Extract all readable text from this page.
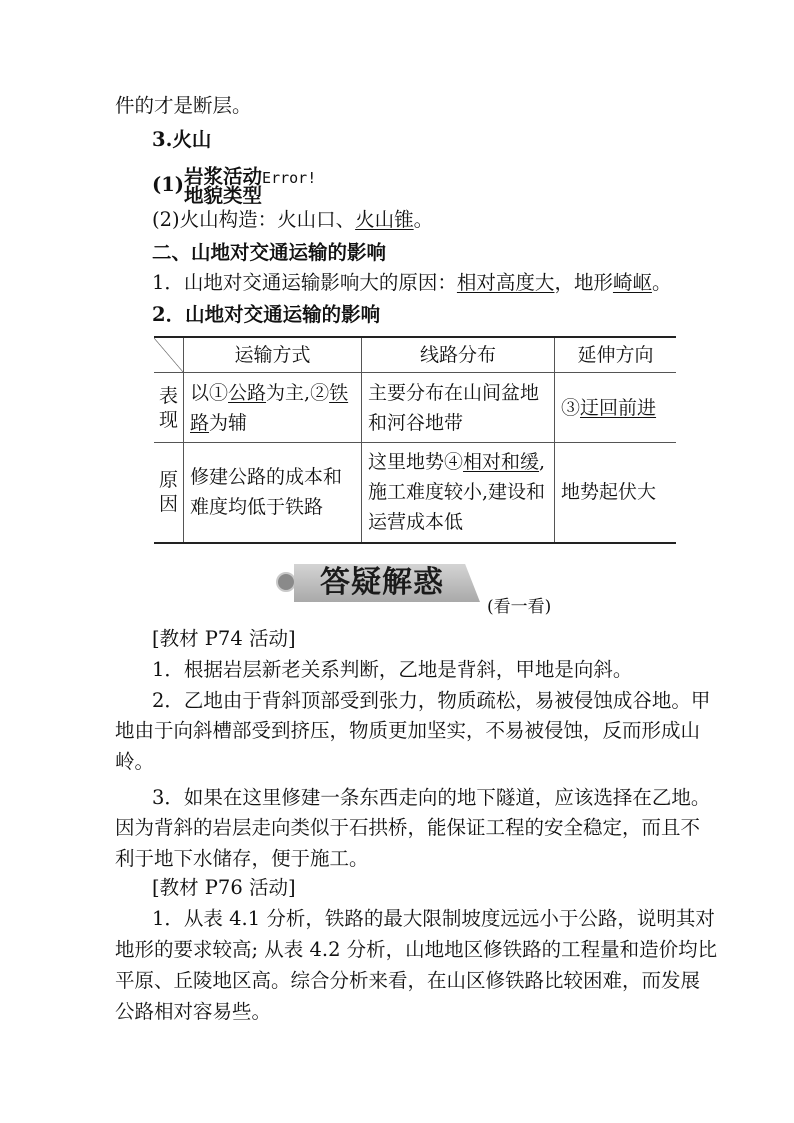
件的才是断层。
3.火山
(1)岩浆活动
地貌类型$^{Error!}$
(2)火山构造：火山口、火山锥。
二、山地对交通运输的影响
1．山地对交通运输影响大的原因：相对高度大，地形崎岖。
2．山地对交通运输的影响
	运输方式	线路分布	延伸方向
表现	以①公路为主,②铁路为辅	主要分布在山间盆地和河谷地带	③迂回前进
原因	修建公路的成本和难度均低于铁路	这里地势④相对和缓,施工难度较小,建设和运营成本低	地势起伏大
答疑解惑
(看一看)
[教材 P74 活动]
1．根据岩层新老关系判断，乙地是背斜，甲地是向斜。
2．乙地由于背斜顶部受到张力，物质疏松，易被侵蚀成谷地。甲
地由于向斜槽部受到挤压，物质更加坚实，不易被侵蚀，反而形成山
岭。
3．如果在这里修建一条东西走向的地下隧道，应该选择在乙地。
因为背斜的岩层走向类似于石拱桥，能保证工程的安全稳定，而且不
利于地下水储存，便于施工。
[教材 P76 活动]
1．从表 4.1 分析，铁路的最大限制坡度远远小于公路，说明其对
地形的要求较高; 从表 4.2 分析，山地地区修铁路的工程量和造价均比
平原、丘陵地区高。综合分析来看，在山区修铁路比较困难，而发展
公路相对容易些。
